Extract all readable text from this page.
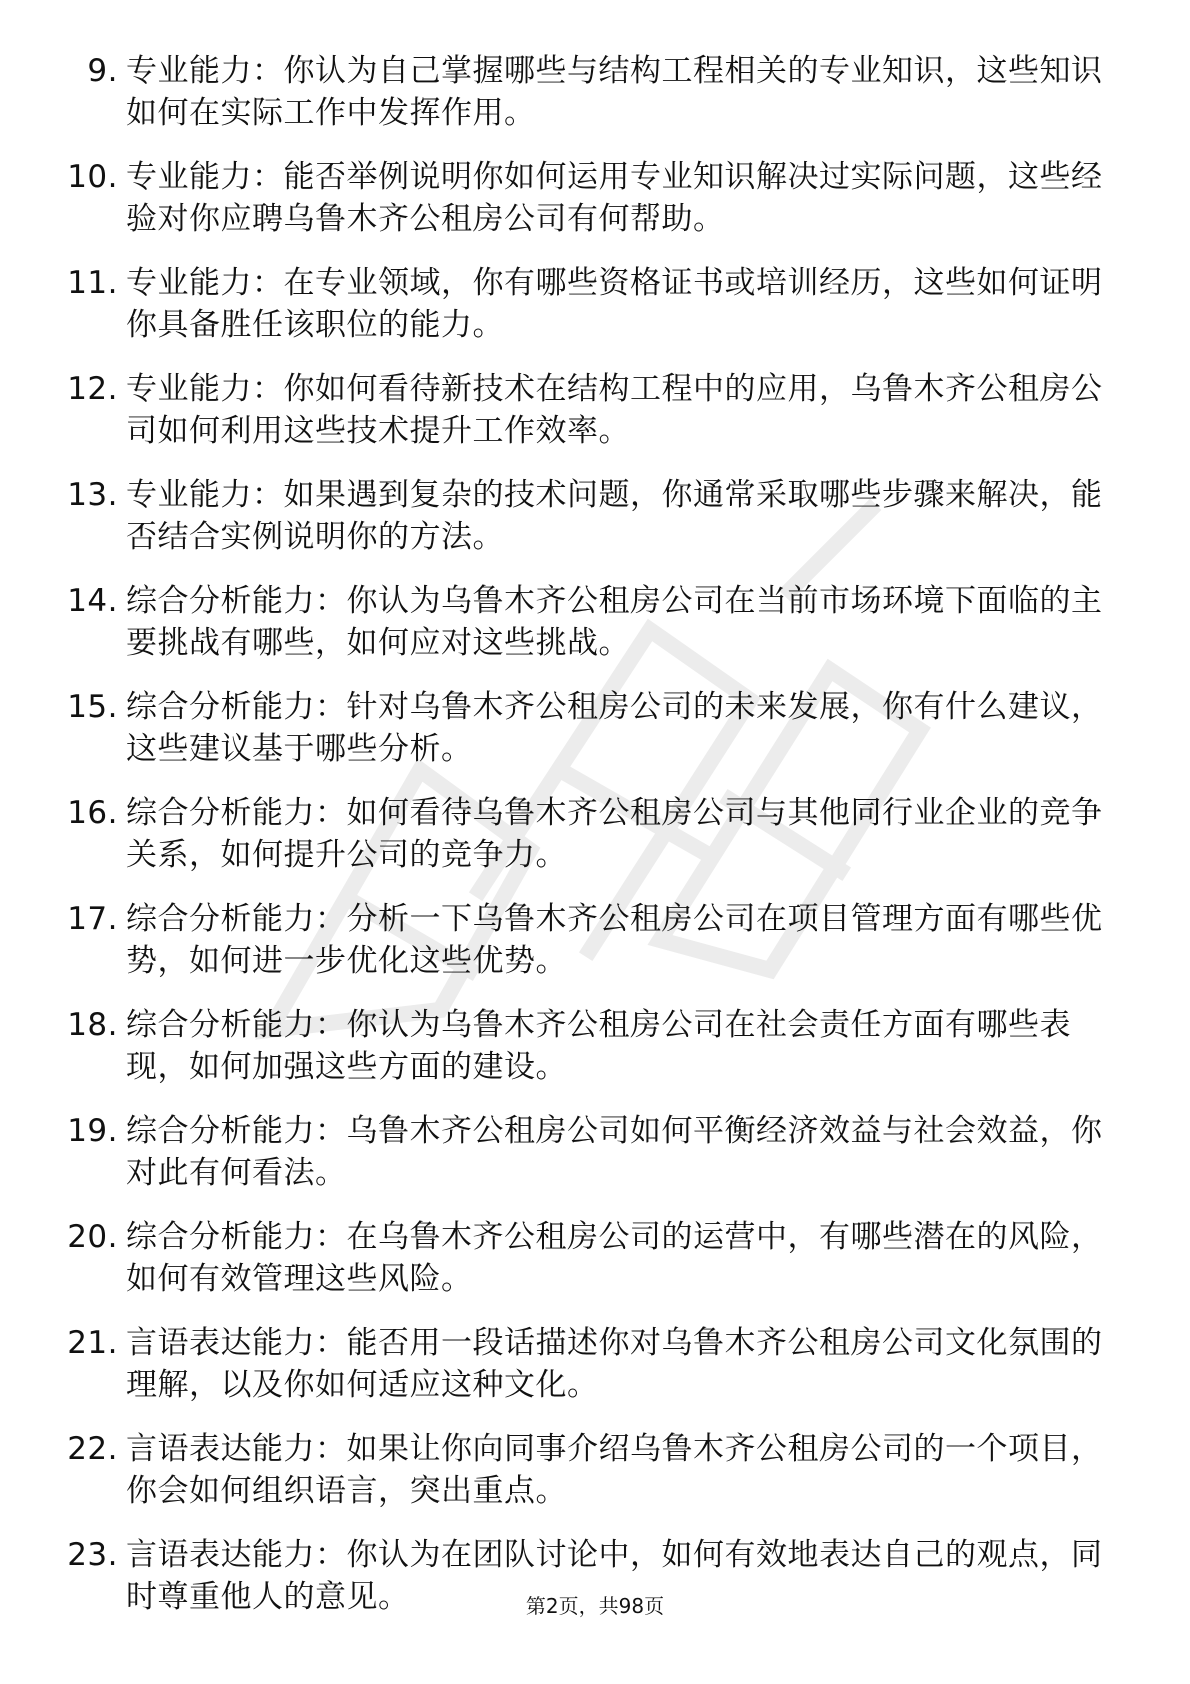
9. 专业能力：你认为自己掌握哪些与结构工程相关的专业知识，这些知识如何在实际工作中发挥作用。
10. 专业能力：能否举例说明你如何运用专业知识解决过实际问题，这些经验对你应聘乌鲁木齐公租房公司有何帮助。
11. 专业能力：在专业领域，你有哪些资格证书或培训经历，这些如何证明你具备胜任该职位的能力。
12. 专业能力：你如何看待新技术在结构工程中的应用，乌鲁木齐公租房公司如何利用这些技术提升工作效率。
13. 专业能力：如果遇到复杂的技术问题，你通常采取哪些步骤来解决，能否结合实例说明你的方法。
14. 综合分析能力：你认为乌鲁木齐公租房公司在当前市场环境下面临的主要挑战有哪些，如何应对这些挑战。
15. 综合分析能力：针对乌鲁木齐公租房公司的未来发展，你有什么建议，这些建议基于哪些分析。
16. 综合分析能力：如何看待乌鲁木齐公租房公司与其他同行业企业的竞争关系，如何提升公司的竞争力。
17. 综合分析能力：分析一下乌鲁木齐公租房公司在项目管理方面有哪些优势，如何进一步优化这些优势。
18. 综合分析能力：你认为乌鲁木齐公租房公司在社会责任方面有哪些表现，如何加强这些方面的建设。
19. 综合分析能力：乌鲁木齐公租房公司如何平衡经济效益与社会效益，你对此有何看法。
20. 综合分析能力：在乌鲁木齐公租房公司的运营中，有哪些潜在的风险，如何有效管理这些风险。
21. 言语表达能力：能否用一段话描述你对乌鲁木齐公租房公司文化氛围的理解，以及你如何适应这种文化。
22. 言语表达能力：如果让你向同事介绍乌鲁木齐公租房公司的一个项目，你会如何组织语言，突出重点。
23. 言语表达能力：你认为在团队讨论中，如何有效地表达自己的观点，同时尊重他人的意见。	第2页，共98页
